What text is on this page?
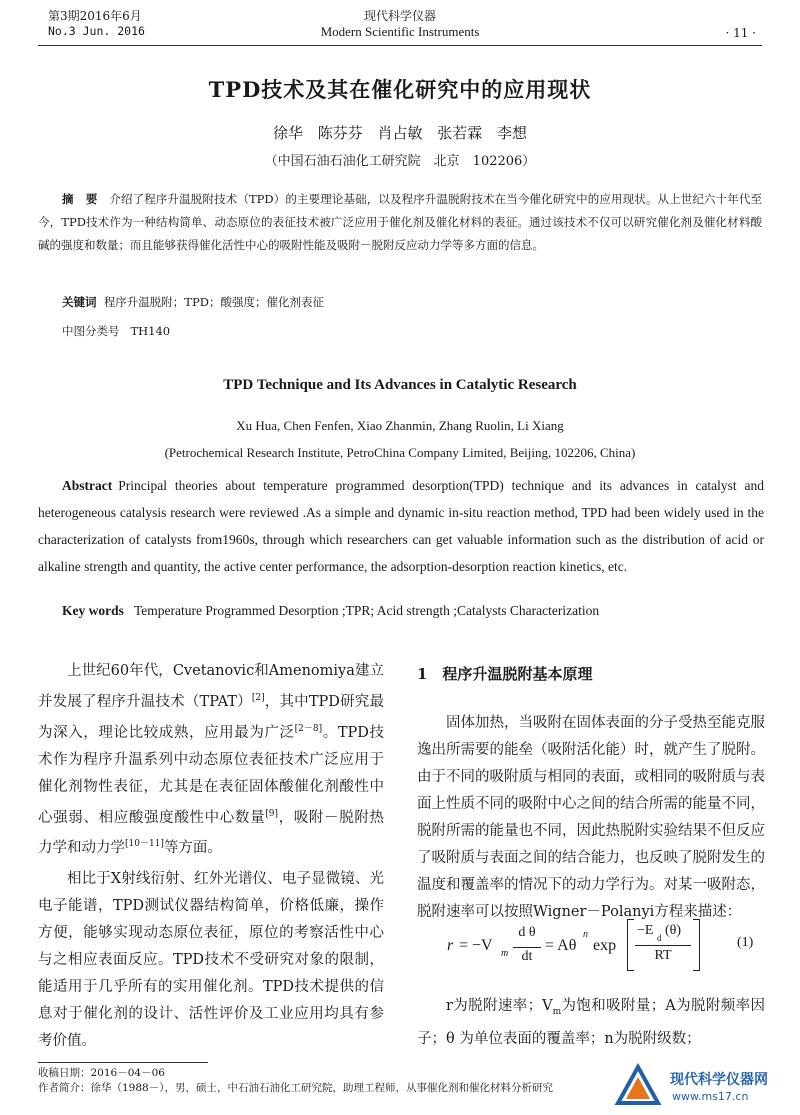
第3期2016年6月
No.3 Jun. 2016
现代科学仪器
Modern Scientific Instruments	· 11 ·
TPD技术及其在催化研究中的应用现状
徐华 陈芬芬 肖占敏 张若霖 李想
（中国石油石油化工研究院　北京　102206）
摘 要 介绍了程序升温脱附技术（TPD）的主要理论基础，以及程序升温脱附技术在当今催化研究中的应用现状。从上世纪六十年代至今，TPD技术作为一种结构简单、动态原位的表征技术被广泛应用于催化剂及催化材料的表征。通过该技术不仅可以研究催化剂及催化材料酸碱的强度和数量；而且能够获得催化活性中心的吸附性能及吸附－脱附反应动力学等多方面的信息。
关键词 程序升温脱附；TPD；酸强度；催化剂表征
中图分类号 TH140
TPD Technique and Its Advances in Catalytic Research
Xu Hua, Chen Fenfen, Xiao Zhanmin, Zhang Ruolin, Li Xiang
(Petrochemical Research Institute, PetroChina Company Limited, Beijing, 102206, China)
Abstract Principal theories about temperature programmed desorption(TPD) technique and its advances in catalyst and heterogeneous catalysis research were reviewed .As a simple and dynamic in-situ reaction method, TPD had been widely used in the characterization of catalysts from1960s, through which researchers can get valuable information such as the distribution of acid or alkaline strength and quantity, the active center performance, the adsorption-desorption reaction kinetics, etc.
Key words Temperature Programmed Desorption ;TPR; Acid strength ;Catalysts Characterization

上世纪60年代，Cvetanovic和Amenomiya建立并发展了程序升温技术（TPAT）[2]，其中TPD研究最为深入，理论比较成熟，应用最为广泛[2－8]。TPD技术作为程序升温系列中动态原位表征技术广泛应用于催化剂物性表征，尤其是在表征固体酸催化剂酸性中心强弱、相应酸强度酸性中心数量[9]，吸附－脱附热力学和动力学[10－11]等方面。

相比于X射线衍射、红外光谱仪、电子显微镜、光电子能谱，TPD测试仪器结构简单，价格低廉，操作方便，能够实现动态原位表征，原位的考察活性中心与之相应表面反应。TPD技术不受研究对象的限制，能适用于几乎所有的实用催化剂。TPD技术提供的信息对于催化剂的设计、活性评价及工业应用均具有参考价值。

1　程序升温脱附基本原理

固体加热，当吸附在固体表面的分子受热至能克服逸出所需要的能垒（吸附活化能）时，就产生了脱附。由于不同的吸附质与相同的表面，或相同的吸附质与表面上性质不同的吸附中心之间的结合所需的能量不同，脱附所需的能量也不同，因此热脱附实验结果不但反应了吸附质与表面之间的结合能力，也反映了脱附发生的温度和覆盖率的情况下的动力学行为。对某一吸附态，脱附速率可以按照Wigner－Polanyi方程来描述：

r = −V m
d θ
dt
= Aθ
n
exp
−E d (θ)
RT
(1)

r为脱附速率；$V_m$为饱和吸附量；A为脱附频率因子；θ 为单位表面的覆盖率；n为脱附级数；

收稿日期：2016－04－06
作者简介：徐华（1988－），男，硕士，中石油石油化工研究院，助理工程师，从事催化剂和催化材料分析研究	现代科学仪器网
www.ms17.cn
